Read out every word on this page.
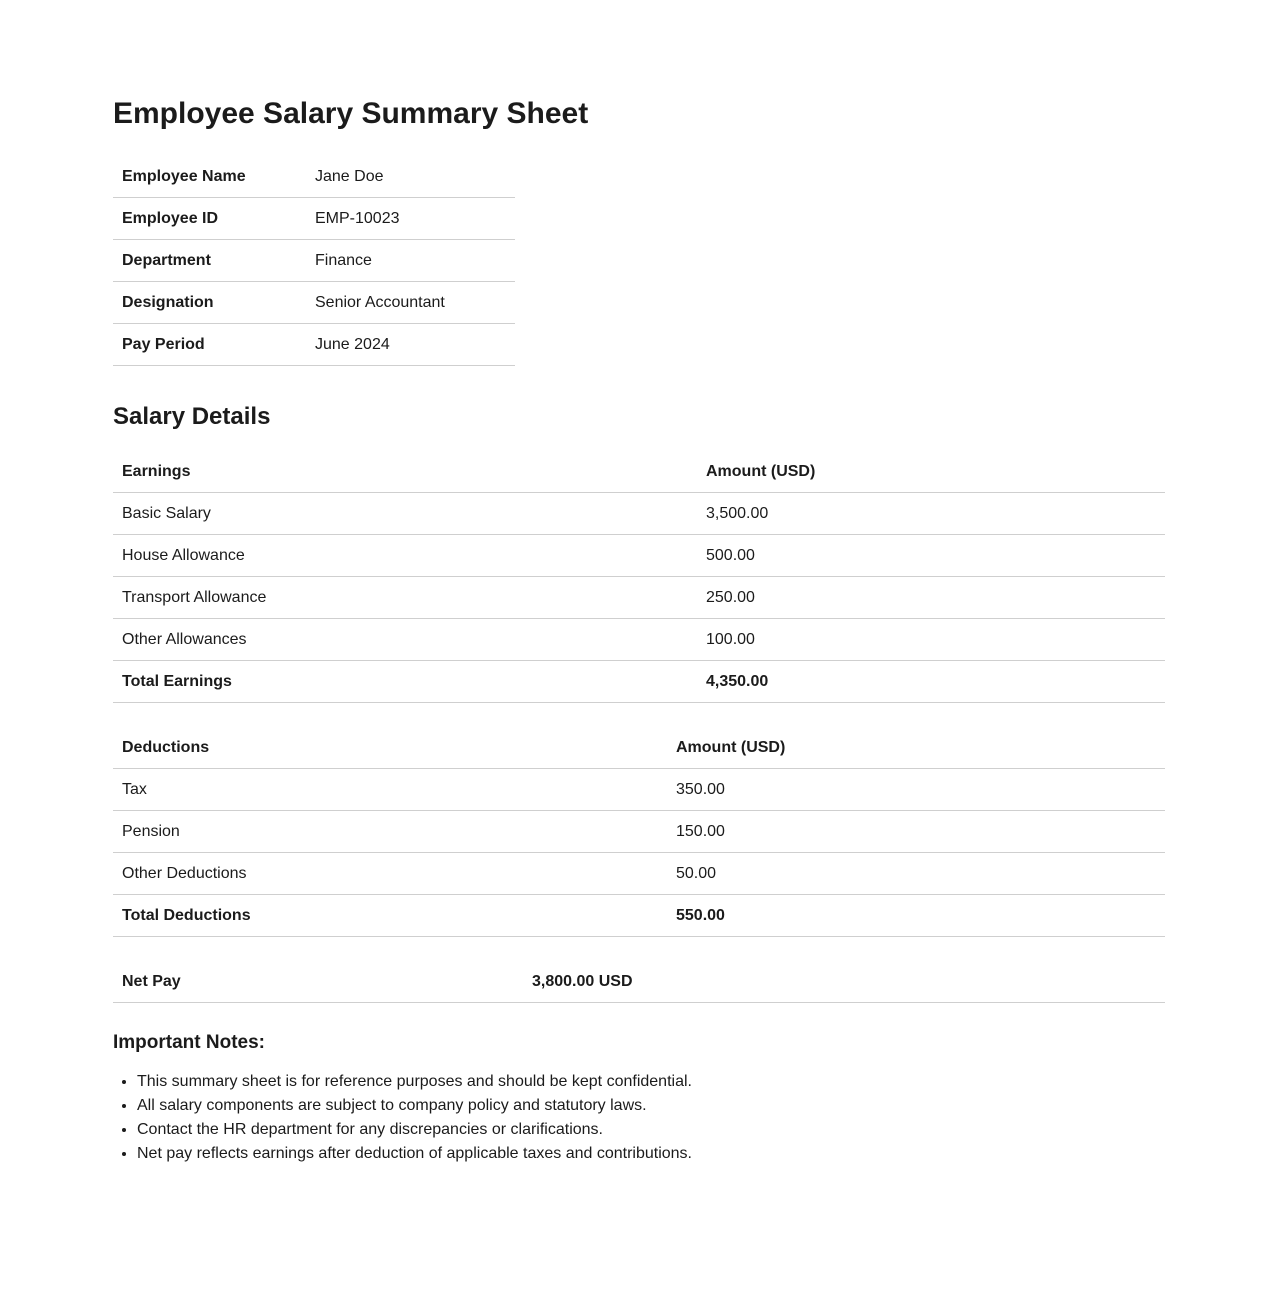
Employee Salary Summary Sheet
Employee Name	Jane Doe
Employee ID	EMP-10023
Department	Finance
Designation	Senior Accountant
Pay Period	June 2024
Salary Details
Earnings	Amount (USD)
Basic Salary	3,500.00
House Allowance	500.00
Transport Allowance	250.00
Other Allowances	100.00
Total Earnings	4,350.00
Deductions	Amount (USD)
Tax	350.00
Pension	150.00
Other Deductions	50.00
Total Deductions	550.00
Net Pay	3,800.00 USD
Important Notes:
• This summary sheet is for reference purposes and should be kept confidential.
• All salary components are subject to company policy and statutory laws.
• Contact the HR department for any discrepancies or clarifications.
• Net pay reflects earnings after deduction of applicable taxes and contributions.
